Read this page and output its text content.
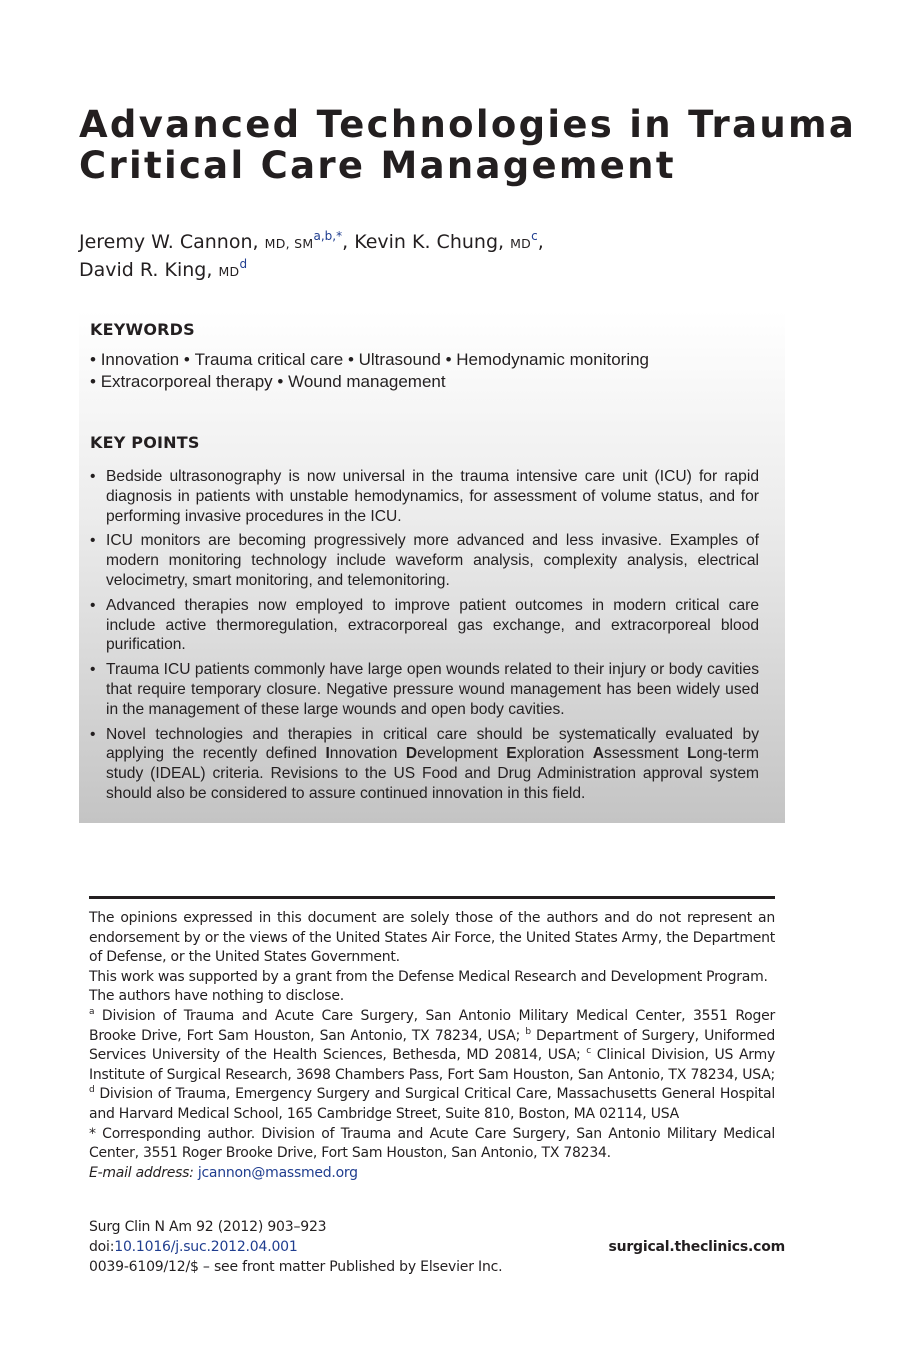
Advanced Technologies in Trauma
Critical Care Management
Jeremy W. Cannon, MD, $SM^{a,b,*}$, Kevin K. Chung, $MD^c$,
David R. King, $MD^d$
KEYWORDS
• Innovation • Trauma critical care • Ultrasound • Hemodynamic monitoring
• Extracorporeal therapy • Wound management
KEY POINTS
• Bedside ultrasonography is now universal in the trauma intensive care unit (ICU) for rapid diagnosis in patients with unstable hemodynamics, for assessment of volume status, and for performing invasive procedures in the ICU.
• ICU monitors are becoming progressively more advanced and less invasive. Examples of modern monitoring technology include waveform analysis, complexity analysis, electrical velocimetry, smart monitoring, and telemonitoring.
• Advanced therapies now employed to improve patient outcomes in modern critical care include active thermoregulation, extracorporeal gas exchange, and extracorporeal blood purification.
• Trauma ICU patients commonly have large open wounds related to their injury or body cavities that require temporary closure. Negative pressure wound management has been widely used in the management of these large wounds and open body cavities.
• Novel technologies and therapies in critical care should be systematically evaluated by applying the recently defined Innovation Development Exploration Assessment Long-term study (IDEAL) criteria. Revisions to the US Food and Drug Administration approval system should also be considered to assure continued innovation in this field.

The opinions expressed in this document are solely those of the authors and do not represent an endorsement by or the views of the United States Air Force, the United States Army, the Department of Defense, or the United States Government.

This work was supported by a grant from the Defense Medical Research and Development Program.

The authors have nothing to disclose.

$^a$ Division of Trauma and Acute Care Surgery, San Antonio Military Medical Center, 3551 Roger Brooke Drive, Fort Sam Houston, San Antonio, TX 78234, USA; $^b$ Department of Surgery, Uniformed Services University of the Health Sciences, Bethesda, MD 20814, USA; $^c$ Clinical Division, US Army Institute of Surgical Research, 3698 Chambers Pass, Fort Sam Houston, San Antonio, TX 78234, USA; $^d$ Division of Trauma, Emergency Surgery and Surgical Critical Care, Massachusetts General Hospital and Harvard Medical School, 165 Cambridge Street, Suite 810, Boston, MA 02114, USA

* Corresponding author. Division of Trauma and Acute Care Surgery, San Antonio Military Medical Center, 3551 Roger Brooke Drive, Fort Sam Houston, San Antonio, TX 78234.

E-mail address: jcannon@massmed.org

Surg Clin N Am 92 (2012) 903–923
doi:10.1016/j.suc.2012.04.001
0039-6109/12/$ – see front matter Published by Elsevier Inc.
surgical.theclinics.com
